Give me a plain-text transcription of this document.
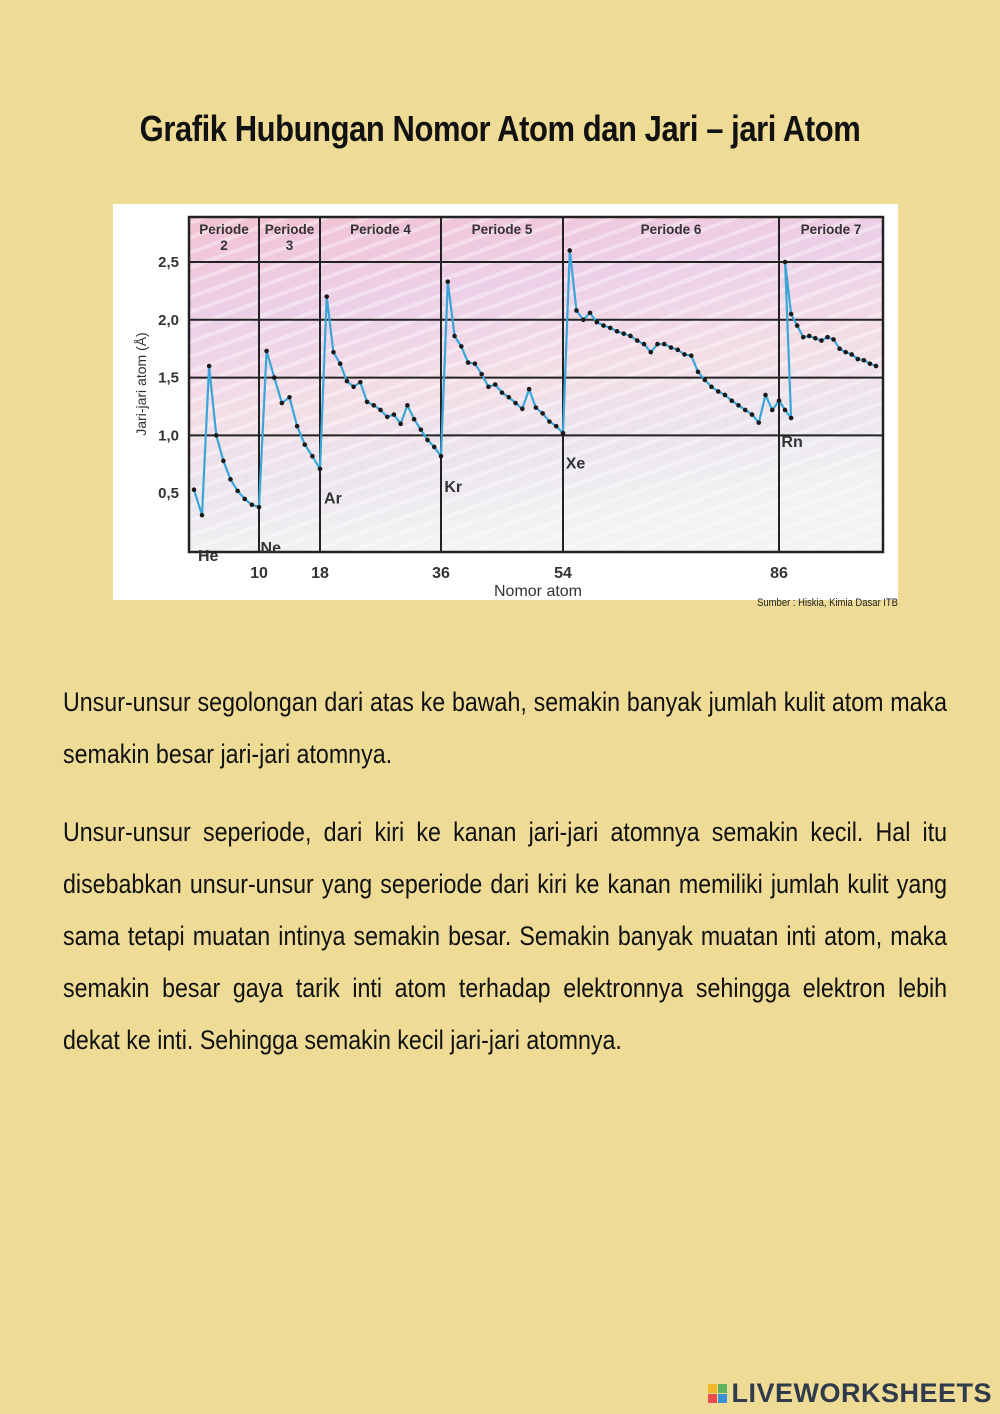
Grafik Hubungan Nomor Atom dan Jari – jari Atom
Periode
2
Periode
3
Periode 4	Periode 5	Periode 6	Periode 7
0,5
1,0
1,5
2,0
2,5
10	18	36	54	86
Nomor atom
Jari-jari atom (Å)
He	Ne
Ar
Kr
Xe
Rn
Sumber : Hiskia, Kimia Dasar ITB
Unsur-unsur segolongan dari atas ke bawah, semakin banyak jumlah kulit atom maka semakin besar jari-jari atomnya.
Unsur-unsur seperiode, dari kiri ke kanan jari-jari atomnya semakin kecil. Hal itu disebabkan unsur-unsur yang seperiode dari kiri ke kanan memiliki jumlah kulit yang sama tetapi muatan intinya semakin besar. Semakin banyak muatan inti atom, maka semakin besar gaya tarik inti atom terhadap elektronnya sehingga elektron lebih dekat ke inti. Sehingga semakin kecil jari-jari atomnya.
LIVEWORKSHEETS
